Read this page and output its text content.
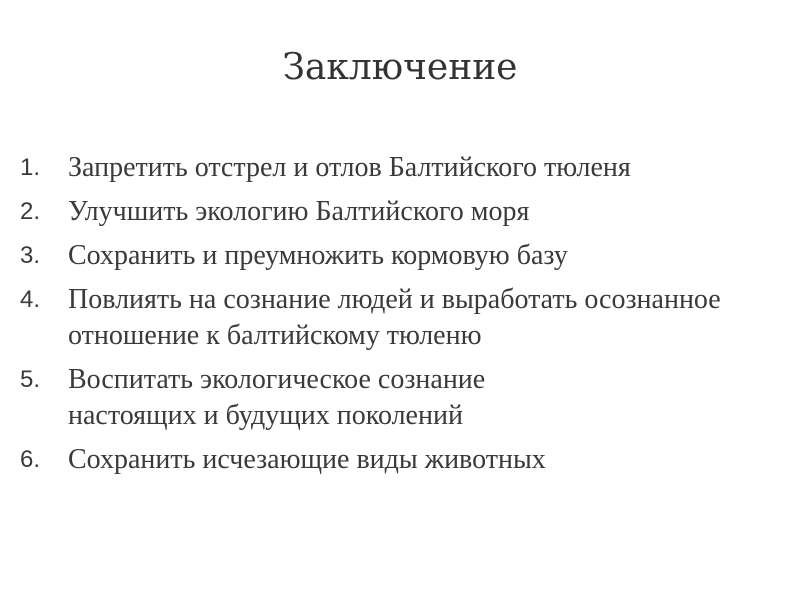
Заключение
1. Запретить отстрел и отлов Балтийского тюленя
2. Улучшить экологию Балтийского моря
3. Сохранить и преумножить кормовую базу
4. Повлиять на сознание людей и выработать осознанное отношение к балтийскому тюленю
5. Воспитать экологическое сознание настоящих и будущих поколений
6. Сохранить исчезающие виды животных
